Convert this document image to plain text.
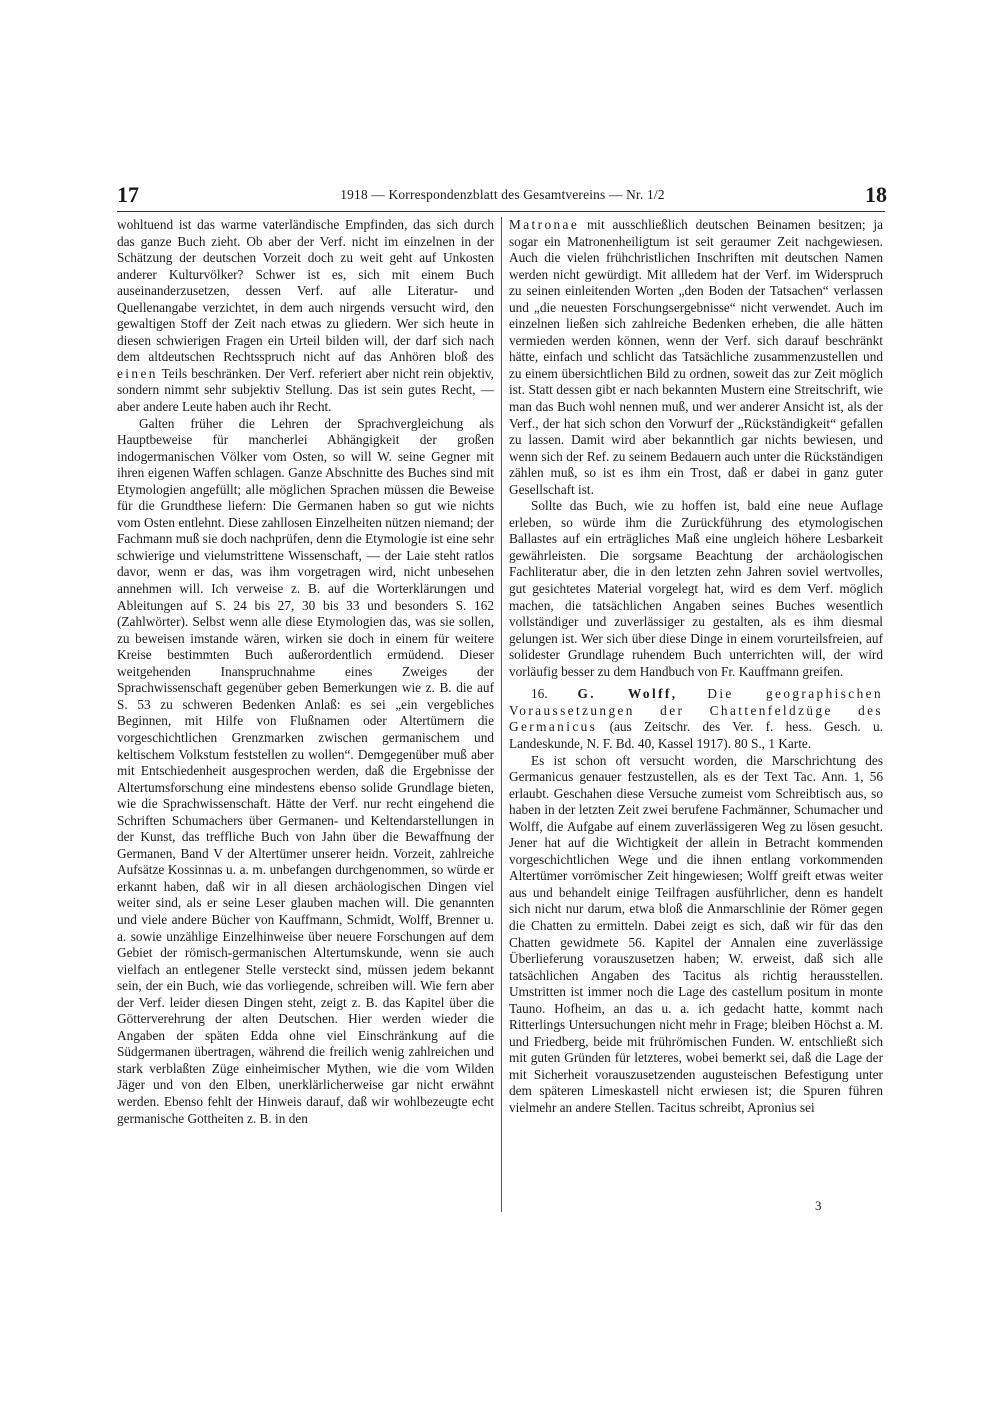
17	1918 — Korrespondenzblatt des Gesamtvereins — Nr. 1/2	18

wohltuend ist das warme vaterländische Empfinden, das sich durch das ganze Buch zieht. Ob aber der Verf. nicht im einzelnen in der Schätzung der deutschen Vorzeit doch zu weit geht auf Unkosten anderer Kulturvölker? Schwer ist es, sich mit einem Buch auseinanderzusetzen, dessen Verf. auf alle Literatur- und Quellenangabe verzichtet, in dem auch nirgends versucht wird, den gewaltigen Stoff der Zeit nach etwas zu gliedern. Wer sich heute in diesen schwierigen Fragen ein Urteil bilden will, der darf sich nach dem altdeutschen Rechtsspruch nicht auf das Anhören bloß des einen Teils beschränken. Der Verf. referiert aber nicht rein objektiv, sondern nimmt sehr subjektiv Stellung. Das ist sein gutes Recht, — aber andere Leute haben auch ihr Recht.

Galten früher die Lehren der Sprachvergleichung als Hauptbeweise für mancherlei Abhängigkeit der großen indogermanischen Völker vom Osten, so will W. seine Gegner mit ihren eigenen Waffen schlagen. Ganze Abschnitte des Buches sind mit Etymologien angefüllt; alle möglichen Sprachen müssen die Beweise für die Grundthese liefern: Die Germanen haben so gut wie nichts vom Osten entlehnt. Diese zahllosen Einzelheiten nützen niemand; der Fachmann muß sie doch nachprüfen, denn die Etymologie ist eine sehr schwierige und vielumstrittene Wissenschaft, — der Laie steht ratlos davor, wenn er das, was ihm vorgetragen wird, nicht unbesehen annehmen will. Ich verweise z. B. auf die Worterklärungen und Ableitungen auf S. 24 bis 27, 30 bis 33 und besonders S. 162 (Zahlwörter). Selbst wenn alle diese Etymologien das, was sie sollen, zu beweisen imstande wären, wirken sie doch in einem für weitere Kreise bestimmten Buch außerordentlich ermüdend. Dieser weitgehenden Inanspruchnahme eines Zweiges der Sprachwissenschaft gegenüber geben Bemerkungen wie z. B. die auf S. 53 zu schweren Bedenken Anlaß: es sei „ein vergebliches Beginnen, mit Hilfe von Flußnamen oder Altertümern die vorgeschichtlichen Grenzmarken zwischen germanischem und keltischem Volkstum feststellen zu wollen“. Demgegenüber muß aber mit Entschiedenheit ausgesprochen werden, daß die Ergebnisse der Altertumsforschung eine mindestens ebenso solide Grundlage bieten, wie die Sprachwissenschaft. Hätte der Verf. nur recht eingehend die Schriften Schumachers über Germanen- und Keltendarstellungen in der Kunst, das treffliche Buch von Jahn über die Bewaffnung der Germanen, Band V der Altertümer unserer heidn. Vorzeit, zahlreiche Aufsätze Kossinnas u. a. m. unbefangen durchgenommen, so würde er erkannt haben, daß wir in all diesen archäologischen Dingen viel weiter sind, als er seine Leser glauben machen will. Die genannten und viele andere Bücher von Kauffmann, Schmidt, Wolff, Brenner u. a. sowie unzählige Einzelhinweise über neuere Forschungen auf dem Gebiet der römisch-germanischen Altertumskunde, wenn sie auch vielfach an entlegener Stelle versteckt sind, müssen jedem bekannt sein, der ein Buch, wie das vorliegende, schreiben will. Wie fern aber der Verf. leider diesen Dingen steht, zeigt z. B. das Kapitel über die Götterverehrung der alten Deutschen. Hier werden wieder die Angaben der späten Edda ohne viel Einschränkung auf die Südgermanen übertragen, während die freilich wenig zahlreichen und stark verblaßten Züge einheimischer Mythen, wie die vom Wilden Jäger und von den Elben, unerklärlicherweise gar nicht erwähnt werden. Ebenso fehlt der Hinweis darauf, daß wir wohlbezeugte echt germanische Gottheiten z. B. in den

Matronae mit ausschließlich deutschen Beinamen besitzen; ja sogar ein Matronenheiligtum ist seit geraumer Zeit nachgewiesen. Auch die vielen frühchristlichen Inschriften mit deutschen Namen werden nicht gewürdigt. Mit allledem hat der Verf. im Widerspruch zu seinen einleitenden Worten „den Boden der Tatsachen“ verlassen und „die neuesten Forschungsergebnisse“ nicht verwendet. Auch im einzelnen ließen sich zahlreiche Bedenken erheben, die alle hätten vermieden werden können, wenn der Verf. sich darauf beschränkt hätte, einfach und schlicht das Tatsächliche zusammenzustellen und zu einem übersichtlichen Bild zu ordnen, soweit das zur Zeit möglich ist. Statt dessen gibt er nach bekannten Mustern eine Streitschrift, wie man das Buch wohl nennen muß, und wer anderer Ansicht ist, als der Verf., der hat sich schon den Vorwurf der „Rückständigkeit“ gefallen zu lassen. Damit wird aber bekanntlich gar nichts bewiesen, und wenn sich der Ref. zu seinem Bedauern auch unter die Rückständigen zählen muß, so ist es ihm ein Trost, daß er dabei in ganz guter Gesellschaft ist.

Sollte das Buch, wie zu hoffen ist, bald eine neue Auflage erleben, so würde ihm die Zurückführung des etymologischen Ballastes auf ein erträgliches Maß eine ungleich höhere Lesbarkeit gewährleisten. Die sorgsame Beachtung der archäologischen Fachliteratur aber, die in den letzten zehn Jahren soviel wertvolles, gut gesichtetes Material vorgelegt hat, wird es dem Verf. möglich machen, die tatsächlichen Angaben seines Buches wesentlich vollständiger und zuverlässiger zu gestalten, als es ihm diesmal gelungen ist. Wer sich über diese Dinge in einem vorurteilsfreien, auf solidester Grundlage ruhendem Buch unterrichten will, der wird vorläufig besser zu dem Handbuch von Fr. Kauffmann greifen.

16. G. Wolff, Die geographischen Voraussetzungen der Chattenfeldzüge des Germanicus (aus Zeitschr. des Ver. f. hess. Gesch. u. Landeskunde, N. F. Bd. 40, Kassel 1917). 80 S., 1 Karte.

Es ist schon oft versucht worden, die Marschrichtung des Germanicus genauer festzustellen, als es der Text Tac. Ann. 1, 56 erlaubt. Geschahen diese Versuche zumeist vom Schreibtisch aus, so haben in der letzten Zeit zwei berufene Fachmänner, Schumacher und Wolff, die Aufgabe auf einem zuverlässigeren Weg zu lösen gesucht. Jener hat auf die Wichtigkeit der allein in Betracht kommenden vorgeschichtlichen Wege und die ihnen entlang vorkommenden Altertümer vorrömischer Zeit hingewiesen; Wolff greift etwas weiter aus und behandelt einige Teilfragen ausführlicher, denn es handelt sich nicht nur darum, etwa bloß die Anmarschlinie der Römer gegen die Chatten zu ermitteln. Dabei zeigt es sich, daß wir für das den Chatten gewidmete 56. Kapitel der Annalen eine zuverlässige Überlieferung vorauszusetzen haben; W. erweist, daß sich alle tatsächlichen Angaben des Tacitus als richtig herausstellen. Umstritten ist immer noch die Lage des castellum positum in monte Tauno. Hofheim, an das u. a. ich gedacht hatte, kommt nach Ritterlings Untersuchungen nicht mehr in Frage; bleiben Höchst a. M. und Friedberg, beide mit frührömischen Funden. W. entschließt sich mit guten Gründen für letzteres, wobei bemerkt sei, daß die Lage der mit Sicherheit vorauszusetzenden augusteischen Befestigung unter dem späteren Limeskastell nicht erwiesen ist; die Spuren führen vielmehr an andere Stellen. Tacitus schreibt, Apronius sei

3
